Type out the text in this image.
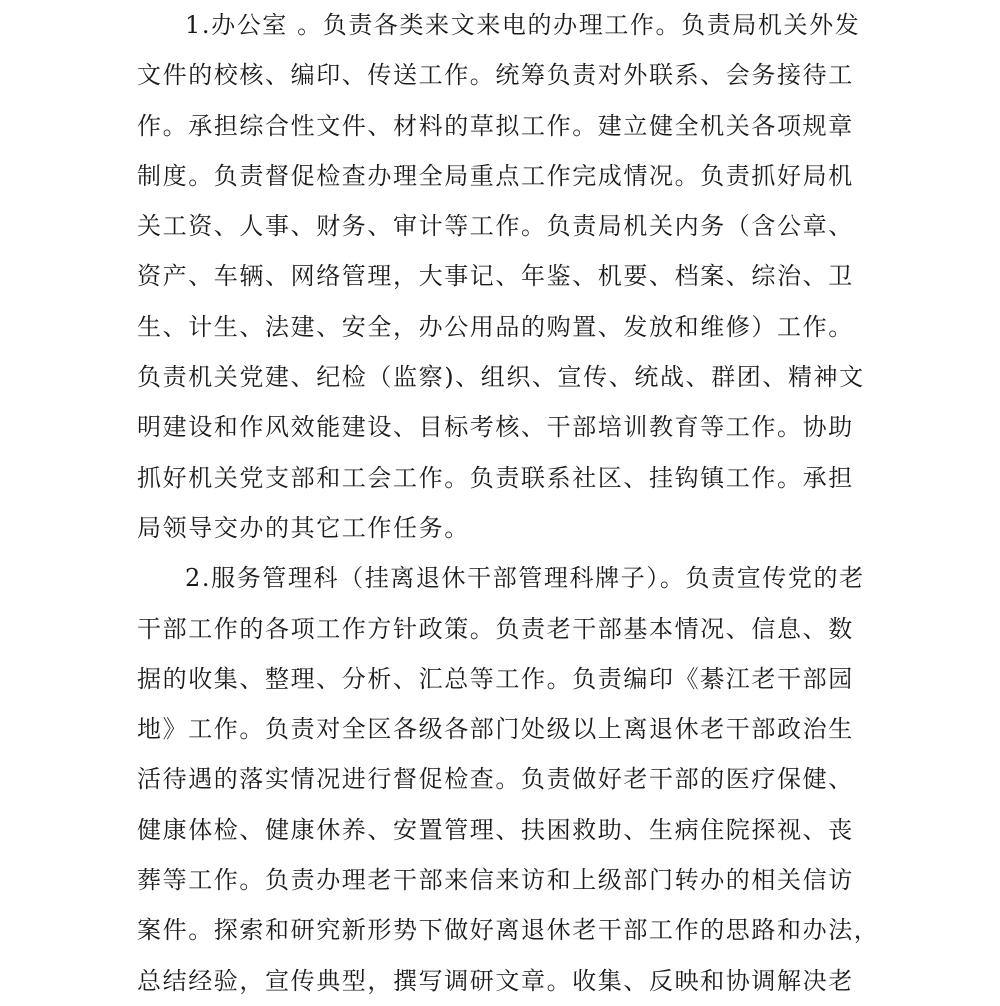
1.办公室 。负责各类来文来电的办理工作。负责局机关外发
文件的校核、编印、传送工作。统筹负责对外联系、会务接待工
作。承担综合性文件、材料的草拟工作。建立健全机关各项规章
制度。负责督促检查办理全局重点工作完成情况。负责抓好局机
关工资、人事、财务、审计等工作。负责局机关内务（含公章、
资产、车辆、网络管理，大事记、年鉴、机要、档案、综治、卫
生、计生、法建、安全，办公用品的购置、发放和维修）工作。
负责机关党建、纪检（监察)、组织、宣传、统战、群团、精神文
明建设和作风效能建设、目标考核、干部培训教育等工作。协助
抓好机关党支部和工会工作。负责联系社区、挂钩镇工作。承担
局领导交办的其它工作任务。
2.服务管理科（挂离退休干部管理科牌子）。负责宣传党的老
干部工作的各项工作方针政策。负责老干部基本情况、信息、数
据的收集、整理、分析、汇总等工作。负责编印《綦江老干部园
地》工作。负责对全区各级各部门处级以上离退休老干部政治生
活待遇的落实情况进行督促检查。负责做好老干部的医疗保健、
健康体检、健康休养、安置管理、扶困救助、生病住院探视、丧
葬等工作。负责办理老干部来信来访和上级部门转办的相关信访
案件。探索和研究新形势下做好离退休老干部工作的思路和办法，
总结经验，宣传典型，撰写调研文章。收集、反映和协调解决老
